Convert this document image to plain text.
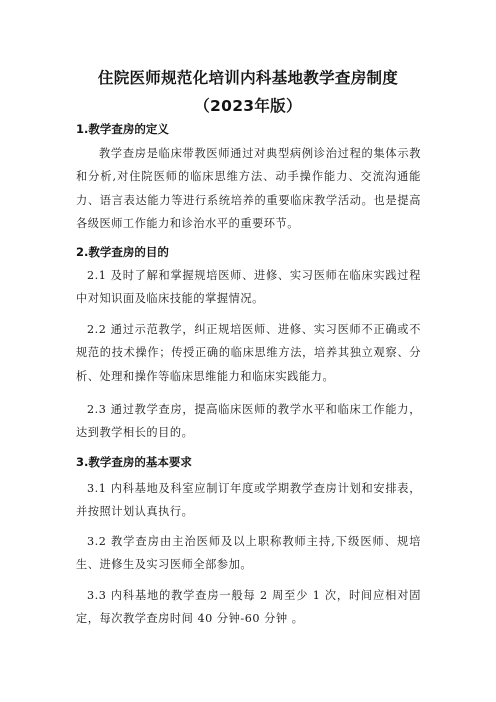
住院医师规范化培训内科基地教学查房制度
（2023年版）
1.教学查房的定义

教学查房是临床带教医师通过对典型病例诊治过程的集体示教和分析,对住院医师的临床思维方法、动手操作能力、交流沟通能力、语言表达能力等进行系统培养的重要临床教学活动。也是提高各级医师工作能力和诊治水平的重要环节。

2.教学查房的目的

2.1 及时了解和掌握规培医师、进修、实习医师在临床实践过程中对知识面及临床技能的掌握情况。

2.2 通过示范教学，纠正规培医师、进修、实习医师不正确或不规范的技术操作；传授正确的临床思维方法，培养其独立观察、分析、处理和操作等临床思维能力和临床实践能力。

2.3 通过教学查房，提高临床医师的教学水平和临床工作能力， 达到教学相长的目的。

3.教学查房的基本要求

3.1 内科基地及科室应制订年度或学期教学查房计划和安排表， 并按照计划认真执行。

3.2 教学查房由主治医师及以上职称教师主持,下级医师、规培生、进修生及实习医师全部参加。

3.3 内科基地的教学查房一般每 2 周至少 1 次，时间应相对固定，每次教学查房时间 40 分钟-60 分钟 。
